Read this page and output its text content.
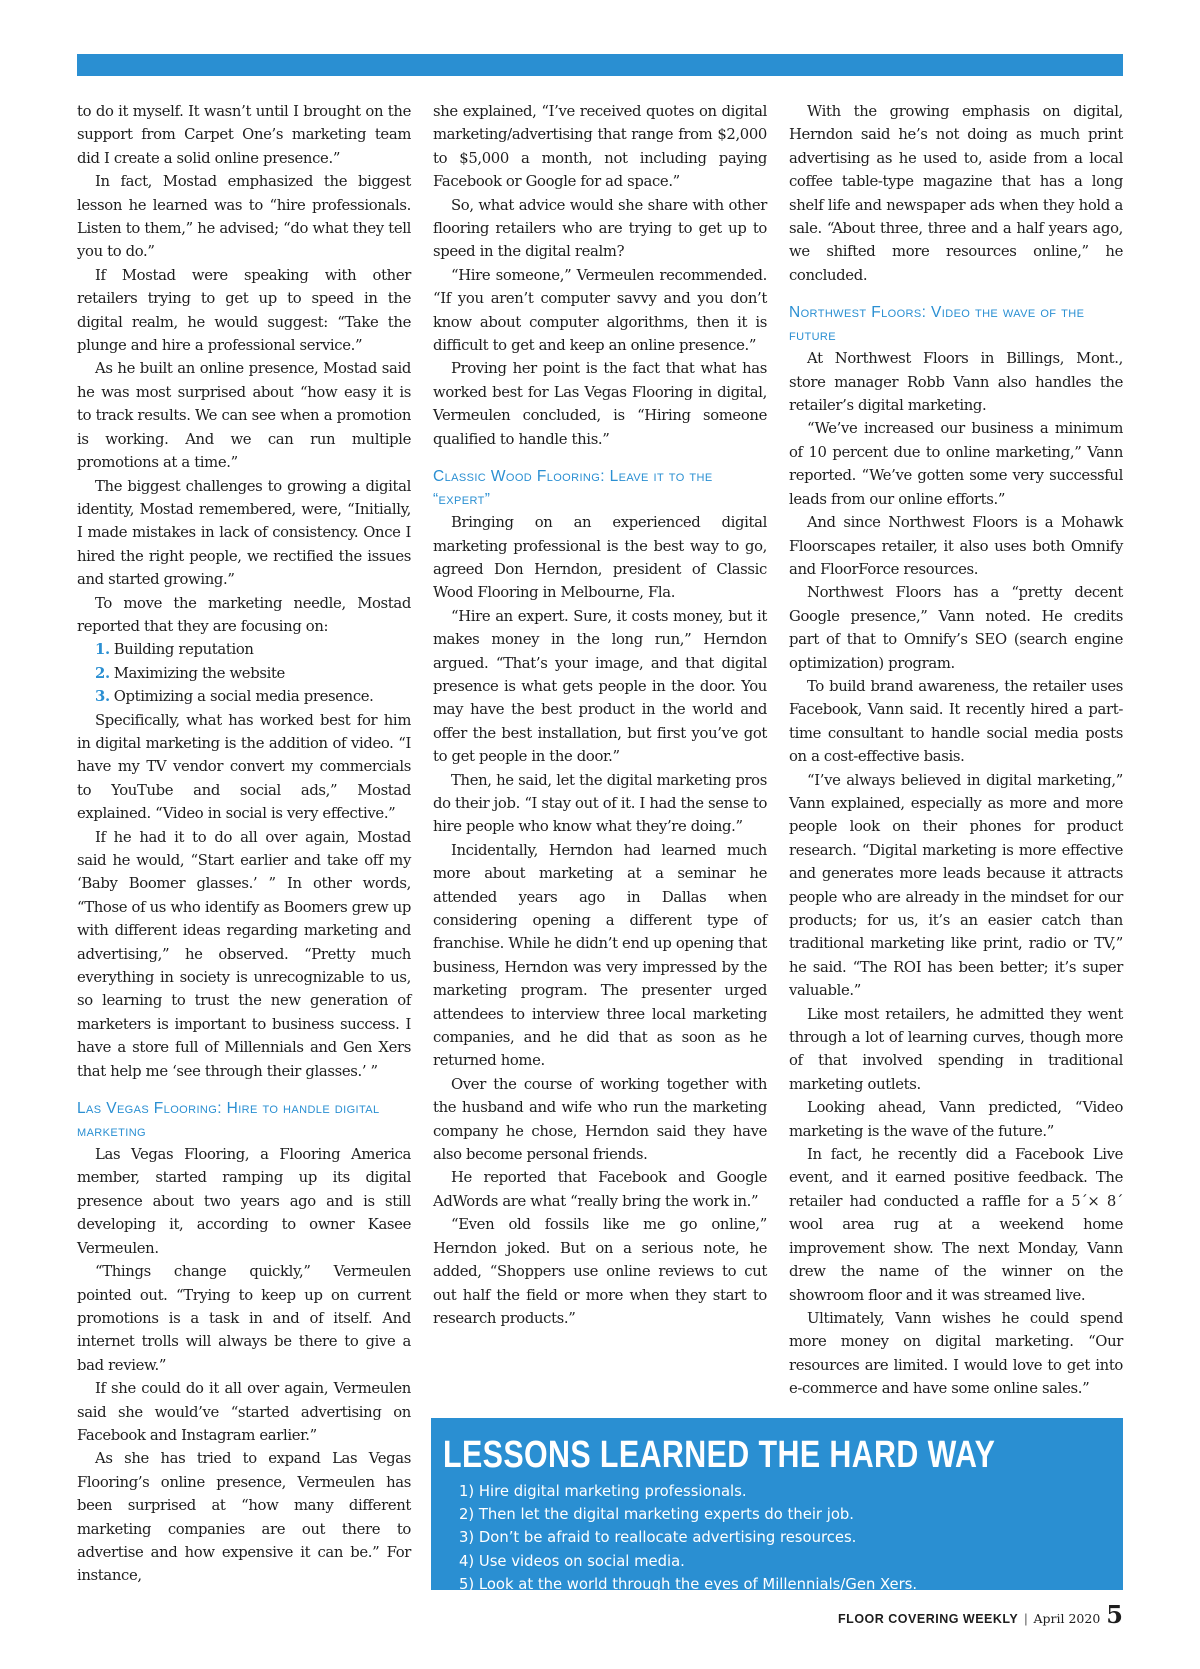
to do it myself. It wasn’t until I brought on the support from Carpet One’s marketing team did I create a solid online presence.”

In fact, Mostad emphasized the biggest lesson he learned was to “hire professionals. Listen to them,” he advised; “do what they tell you to do.”

If Mostad were speaking with other retailers trying to get up to speed in the digital realm, he would suggest: “Take the plunge and hire a professional service.”

As he built an online presence, Mostad said he was most surprised about “how easy it is to track results. We can see when a promotion is working. And we can run multiple promotions at a time.”

The biggest challenges to growing a digital identity, Mostad remembered, were, “Initially, I made mistakes in lack of consistency. Once I hired the right people, we rectified the issues and started growing.”

To move the marketing needle, Mostad reported that they are focusing on:

1. Building reputation
2. Maximizing the website
3. Optimizing a social media presence.

Specifically, what has worked best for him in digital marketing is the addition of video. “I have my TV vendor convert my commercials to YouTube and social ads,” Mostad explained. “Video in social is very effective.”

If he had it to do all over again, Mostad said he would, “Start earlier and take off my ‘Baby Boomer glasses.’ ” In other words, “Those of us who identify as Boomers grew up with different ideas regarding marketing and advertising,” he observed. “Pretty much everything in society is unrecognizable to us, so learning to trust the new generation of marketers is important to business success. I have a store full of Millennials and Gen Xers that help me ‘see through their glasses.’ ”

Las Vegas Flooring: Hire to handle digital marketing

Las Vegas Flooring, a Flooring America member, started ramping up its digital presence about two years ago and is still developing it, according to owner Kasee Vermeulen.

“Things change quickly,” Vermeulen pointed out. “Trying to keep up on current promotions is a task in and of itself. And internet trolls will always be there to give a bad review.”

If she could do it all over again, Vermeulen said she would’ve “started advertising on Facebook and Instagram earlier.”

As she has tried to expand Las Vegas Flooring’s online presence, Vermeulen has been surprised at “how many different marketing companies are out there to advertise and how expensive it can be.” For instance,

she explained, “I’ve received quotes on digital marketing/advertising that range from $2,000 to $5,000 a month, not including paying Facebook or Google for ad space.”

So, what advice would she share with other flooring retailers who are trying to get up to speed in the digital realm?

“Hire someone,” Vermeulen recommended. “If you aren’t computer savvy and you don’t know about computer algorithms, then it is difficult to get and keep an online presence.”

Proving her point is the fact that what has worked best for Las Vegas Flooring in digital, Vermeulen concluded, is “Hiring someone qualified to handle this.”

Classic Wood Flooring: Leave it to the “expert”

Bringing on an experienced digital marketing professional is the best way to go, agreed Don Herndon, president of Classic Wood Flooring in Melbourne, Fla.

“Hire an expert. Sure, it costs money, but it makes money in the long run,” Herndon argued. “That’s your image, and that digital presence is what gets people in the door. You may have the best product in the world and offer the best installation, but first you’ve got to get people in the door.”

Then, he said, let the digital marketing pros do their job. “I stay out of it. I had the sense to hire people who know what they’re doing.”

Incidentally, Herndon had learned much more about marketing at a seminar he attended years ago in Dallas when considering opening a different type of franchise. While he didn’t end up opening that business, Herndon was very impressed by the marketing program. The presenter urged attendees to interview three local marketing companies, and he did that as soon as he returned home.

Over the course of working together with the husband and wife who run the marketing company he chose, Herndon said they have also become personal friends.

He reported that Facebook and Google AdWords are what “really bring the work in.”

“Even old fossils like me go online,” Herndon joked. But on a serious note, he added, “Shoppers use online reviews to cut out half the field or more when they start to research products.”

With the growing emphasis on digital, Herndon said he’s not doing as much print advertising as he used to, aside from a local coffee table-type magazine that has a long shelf life and newspaper ads when they hold a sale. “About three, three and a half years ago, we shifted more resources online,” he concluded.

Northwest Floors: Video the wave of the future

At Northwest Floors in Billings, Mont., store manager Robb Vann also handles the retailer’s digital marketing.

“We’ve increased our business a minimum of 10 percent due to online marketing,” Vann reported. “We’ve gotten some very successful leads from our online efforts.”

And since Northwest Floors is a Mohawk Floorscapes retailer, it also uses both Omnify and FloorForce resources.

Northwest Floors has a “pretty decent Google presence,” Vann noted. He credits part of that to Omnify’s SEO (search engine optimization) program.

To build brand awareness, the retailer uses Facebook, Vann said. It recently hired a part-time consultant to handle social media posts on a cost-effective basis.

“I’ve always believed in digital marketing,” Vann explained, especially as more and more people look on their phones for product research. “Digital marketing is more effective and generates more leads because it attracts people who are already in the mindset for our products; for us, it’s an easier catch than traditional marketing like print, radio or TV,” he said. “The ROI has been better; it’s super valuable.”

Like most retailers, he admitted they went through a lot of learning curves, though more of that involved spending in traditional marketing outlets.

Looking ahead, Vann predicted, “Video marketing is the wave of the future.”

In fact, he recently did a Facebook Live event, and it earned positive feedback. The retailer had conducted a raffle for a 5´× 8´ wool area rug at a weekend home improvement show. The next Monday, Vann drew the name of the winner on the showroom floor and it was streamed live.

Ultimately, Vann wishes he could spend more money on digital marketing. “Our resources are limited. I would love to get into e-commerce and have some online sales.”

LESSONS LEARNED THE HARD WAY
1) Hire digital marketing professionals.
2) Then let the digital marketing experts do their job.
3) Don’t be afraid to reallocate advertising resources.
4) Use videos on social media.
5) Look at the world through the eyes of Millennials/Gen Xers.
FLOOR COVERING WEEKLY | April 2020 5
